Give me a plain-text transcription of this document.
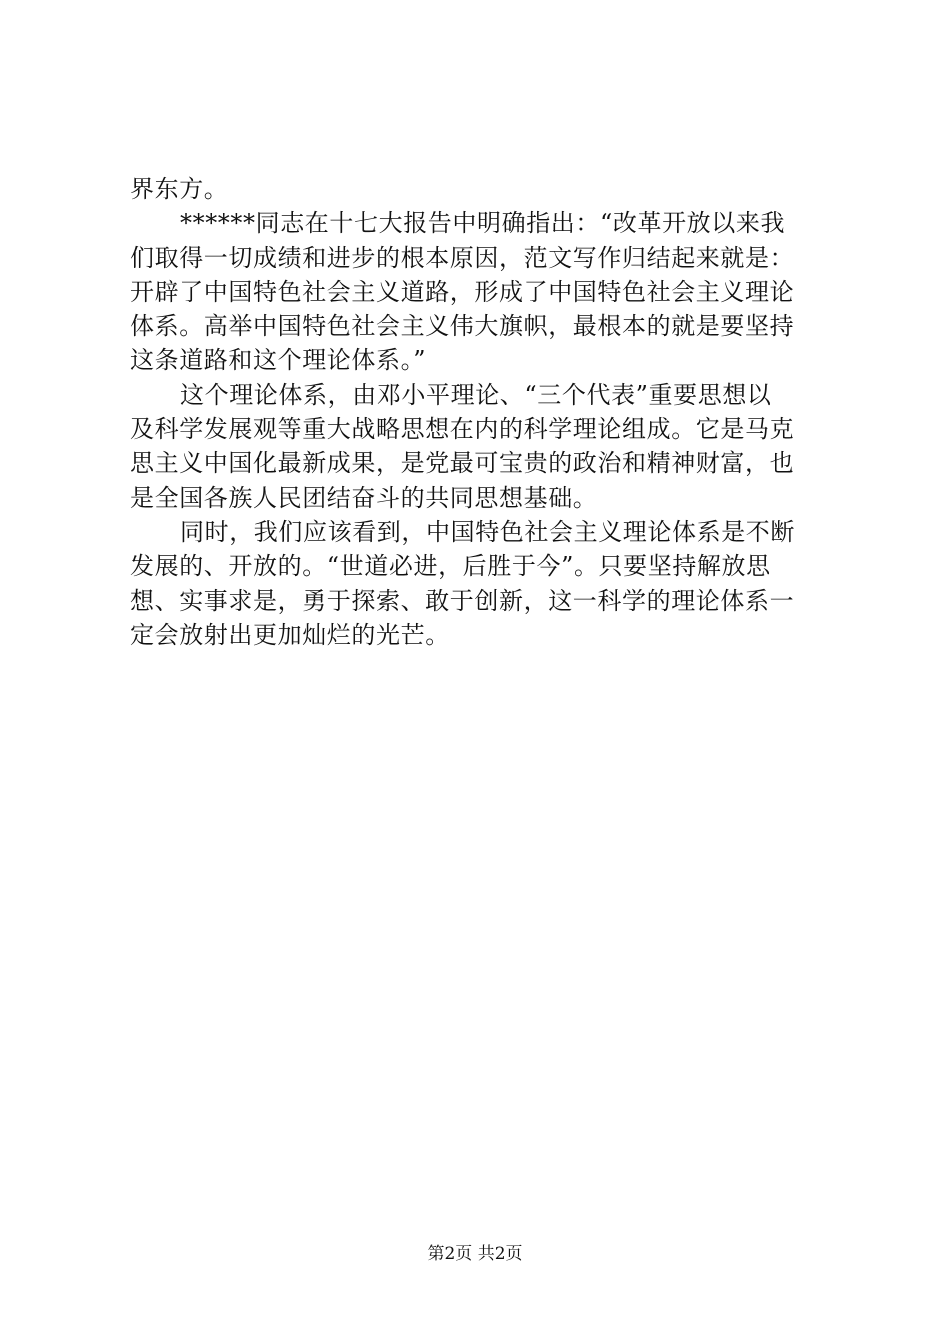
界东方。
******同志在十七大报告中明确指出：“改革开放以来我
们取得一切成绩和进步的根本原因，范文写作归结起来就是：
开辟了中国特色社会主义道路，形成了中国特色社会主义理论
体系。高举中国特色社会主义伟大旗帜，最根本的就是要坚持
这条道路和这个理论体系。”
这个理论体系，由邓小平理论、“三个代表”重要思想以
及科学发展观等重大战略思想在内的科学理论组成。它是马克
思主义中国化最新成果，是党最可宝贵的政治和精神财富，也
是全国各族人民团结奋斗的共同思想基础。
同时，我们应该看到，中国特色社会主义理论体系是不断
发展的、开放的。“世道必进，后胜于今”。只要坚持解放思
想、实事求是，勇于探索、敢于创新，这一科学的理论体系一
定会放射出更加灿烂的光芒。
第2页 共2页
